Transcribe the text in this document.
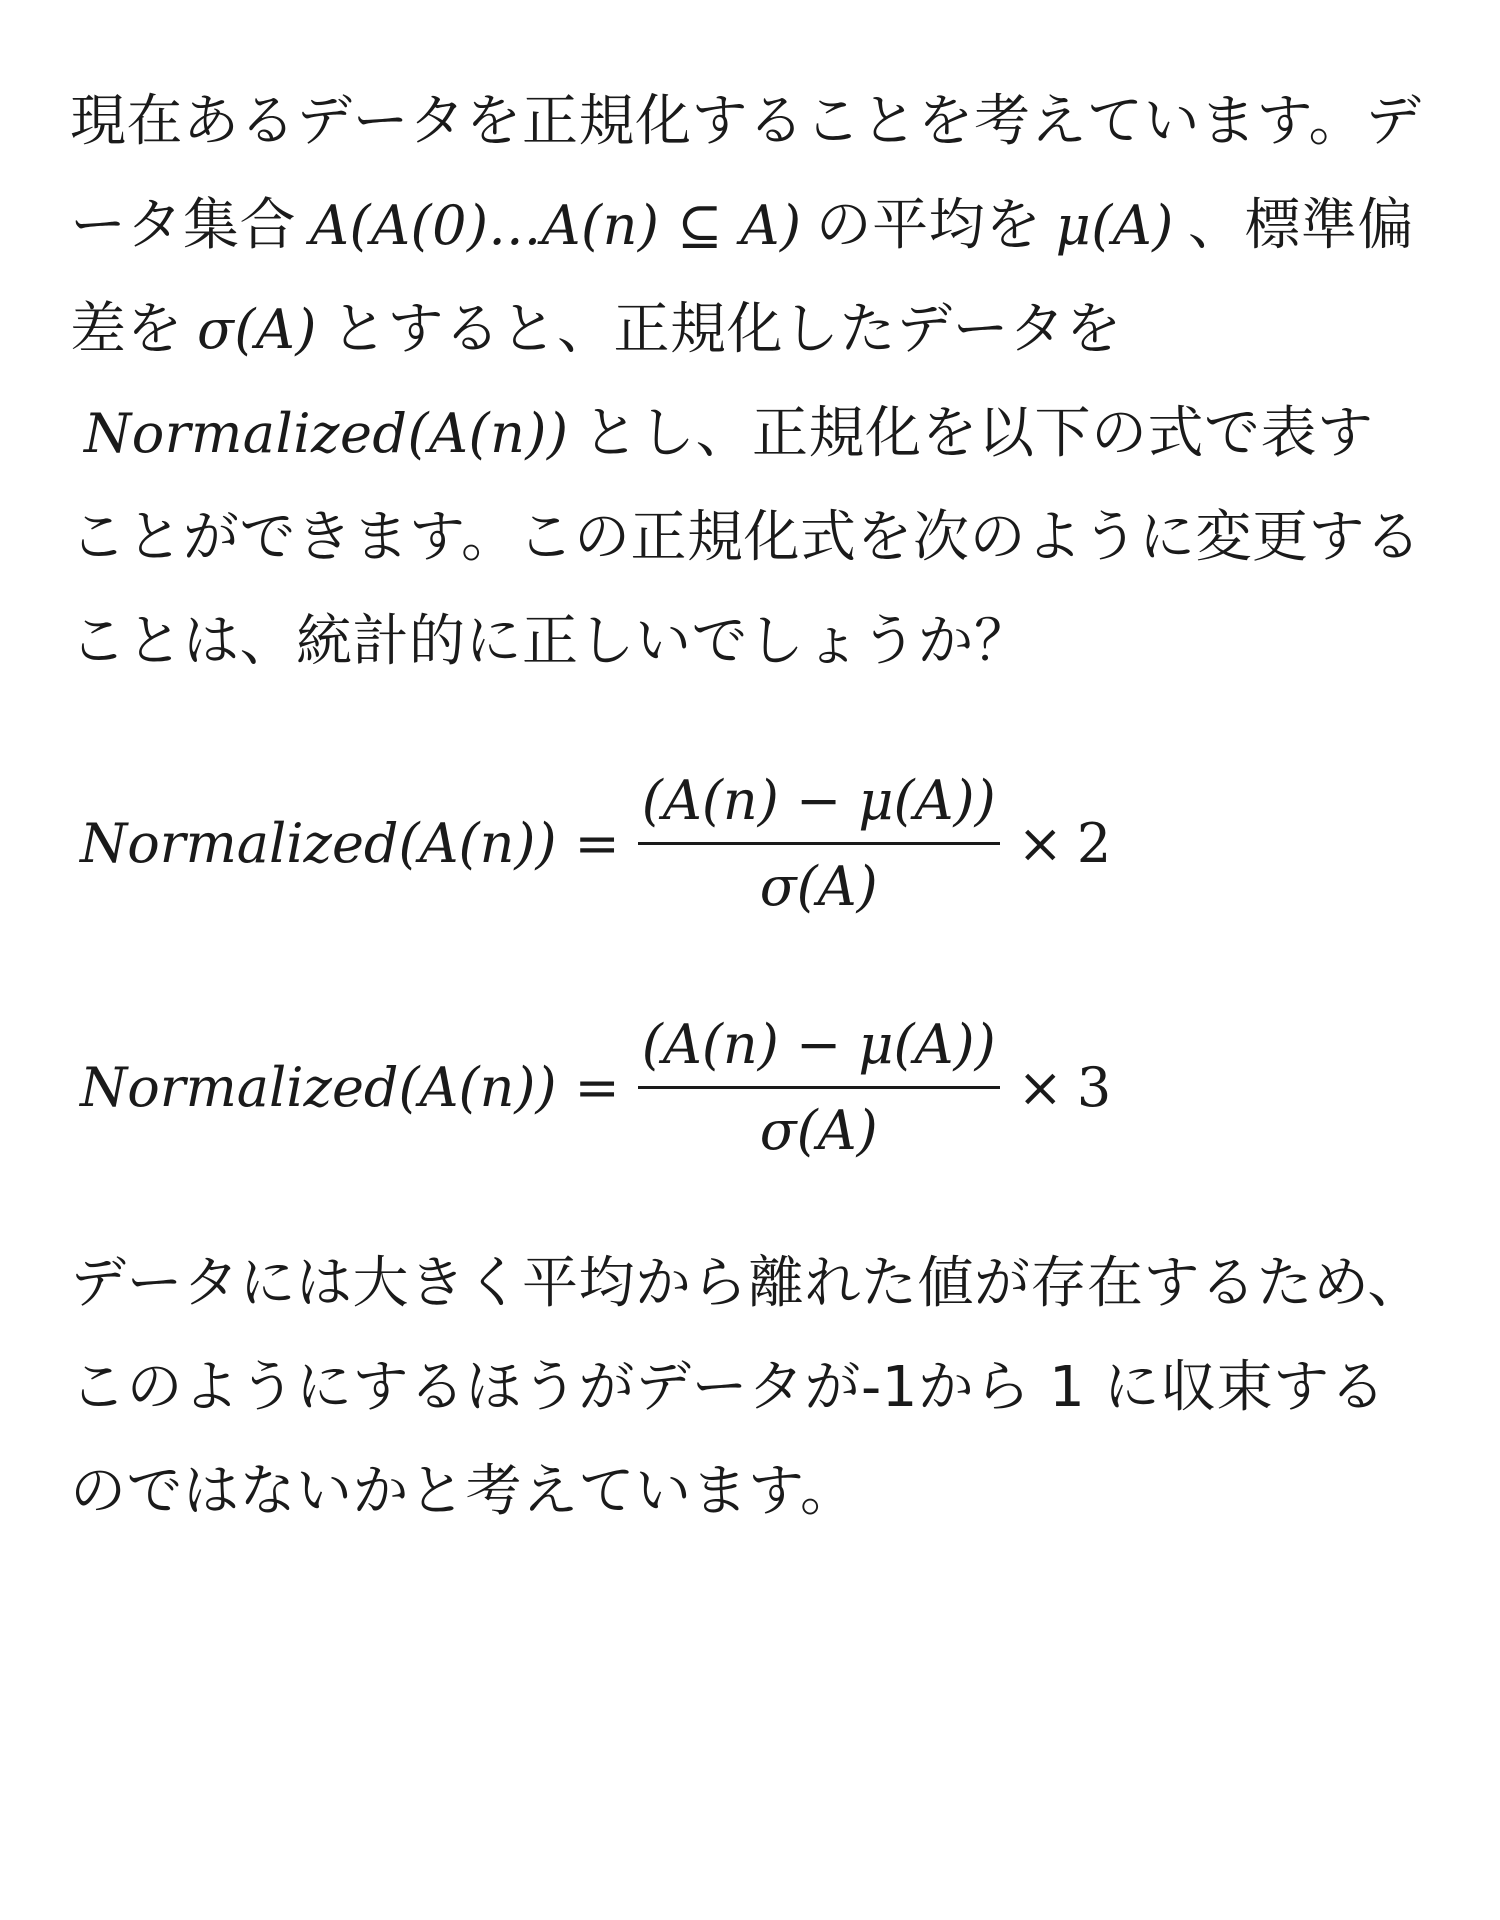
現在あるデータを正規化することを考えています。データ集合 A(A(0)...A(n) ⊆ A) の平均を μ(A) 、標準偏差を σ(A) とすると、正規化したデータをNormalized(A(n)) とし、正規化を以下の式で表すことができます。この正規化式を次のように変更することは、統計的に正しいでしょうか？

Normalized(A(n)) = $\frac{(A(n) - \mu(A))}{\sigma(A)} \times 2$
Normalized(A(n)) = $\frac{(A(n) - \mu(A))}{\sigma(A)} \times 3$

データには大きく平均から離れた値が存在するため、このようにするほうがデータが-1から 1 に収束するのではないかと考えています。
